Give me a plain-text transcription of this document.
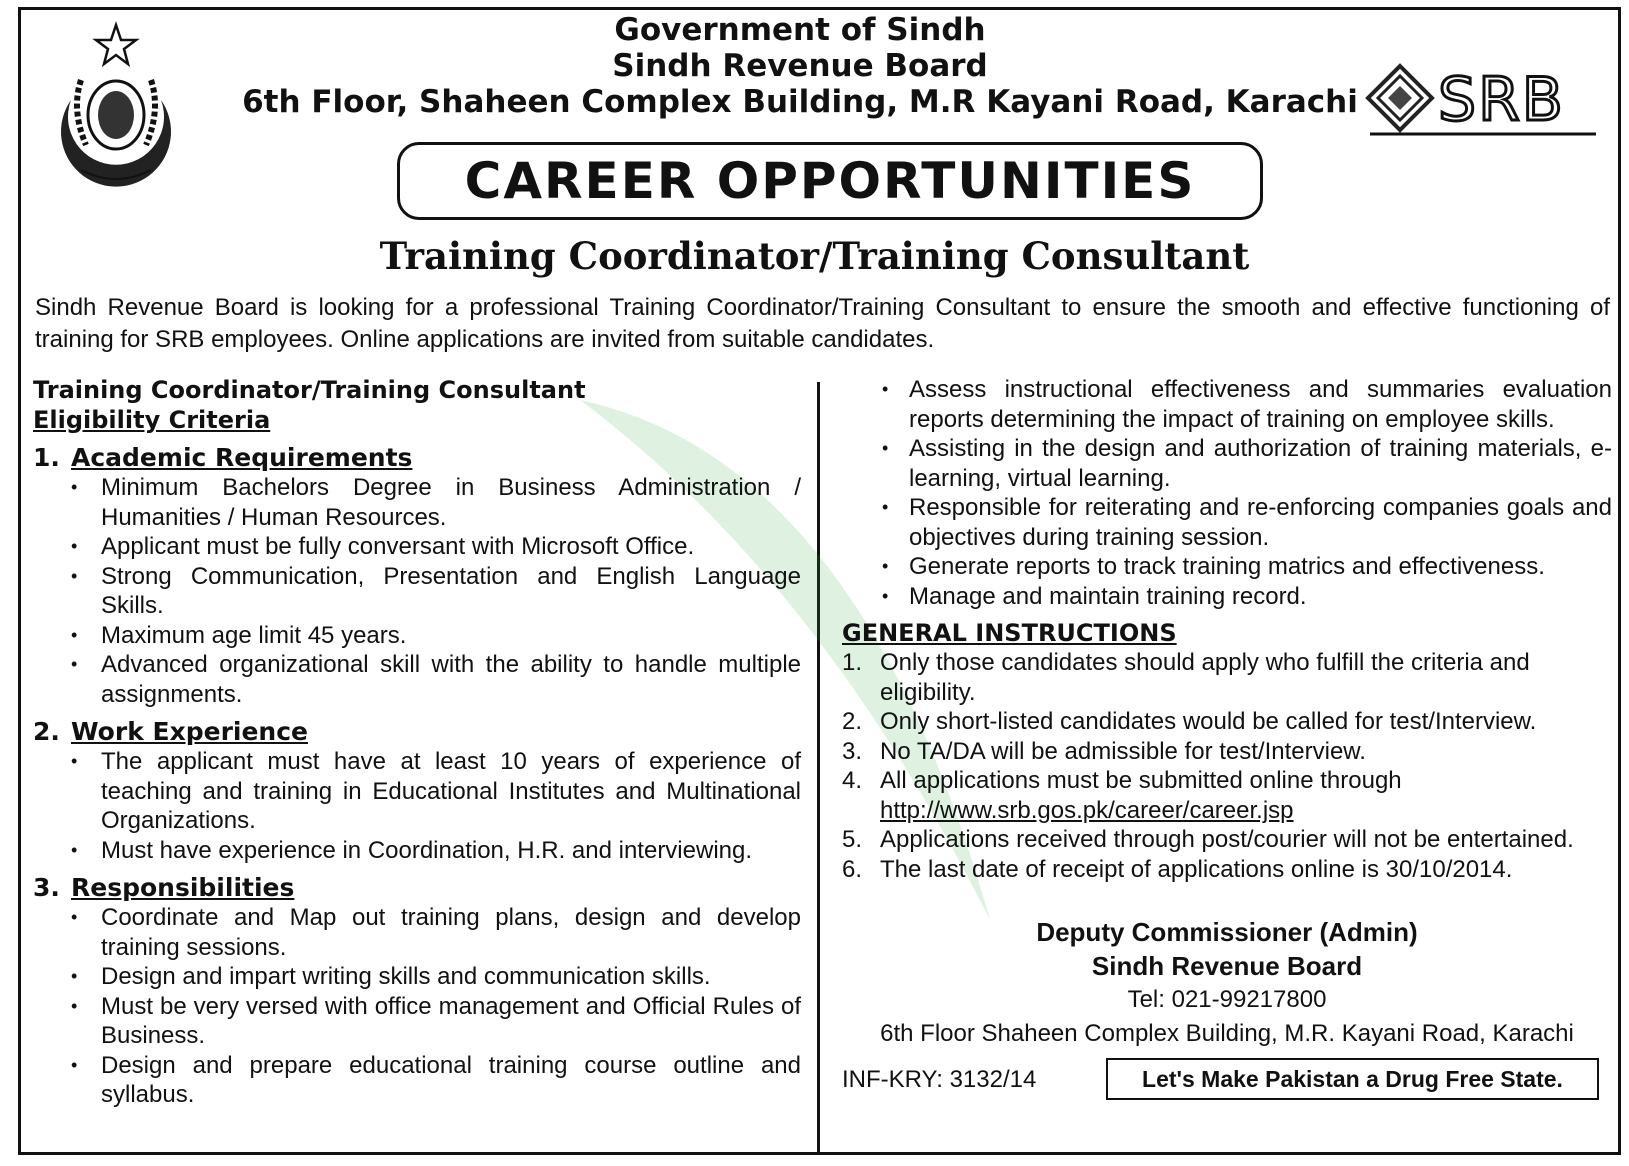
SRB
Government of Sindh
Sindh Revenue Board
6th Floor, Shaheen Complex Building, M.R Kayani Road, Karachi
CAREER OPPORTUNITIES
Training Coordinator/Training Consultant
Sindh Revenue Board is looking for a professional Training Coordinator/Training Consultant to ensure the smooth and effective functioning of training for SRB employees. Online applications are invited from suitable candidates.
Training Coordinator/Training Consultant
Eligibility Criteria
1. Academic Requirements
• Minimum Bachelors Degree in Business Administration / Humanities / Human Resources.
• Applicant must be fully conversant with Microsoft Office.
• Strong Communication, Presentation and English Language Skills.
• Maximum age limit 45 years.
• Advanced organizational skill with the ability to handle multiple assignments.
2. Work Experience
• The applicant must have at least 10 years of experience of teaching and training in Educational Institutes and Multinational Organizations.
• Must have experience in Coordination, H.R. and interviewing.
3. Responsibilities
• Coordinate and Map out training plans, design and develop training sessions.
• Design and impart writing skills and communication skills.
• Must be very versed with office management and Official Rules of Business.
• Design and prepare educational training course outline and syllabus.
• Assess instructional effectiveness and summaries evaluation reports determining the impact of training on employee skills.
• Assisting in the design and authorization of training materials, e-learning, virtual learning.
• Responsible for reiterating and re-enforcing companies goals and objectives during training session.
• Generate reports to track training matrics and effectiveness.
• Manage and maintain training record.
GENERAL INSTRUCTIONS
1. Only those candidates should apply who fulfill the criteria and eligibility.
2. Only short-listed candidates would be called for test/Interview.
3. No TA/DA will be admissible for test/Interview.
4. All applications must be submitted online through
http://www.srb.gos.pk/career/career.jsp
5. Applications received through post/courier will not be entertained.
6. The last date of receipt of applications online is 30/10/2014.
Deputy Commissioner (Admin)
Sindh Revenue Board
Tel: 021-99217800
6th Floor Shaheen Complex Building, M.R. Kayani Road, Karachi
INF-KRY: 3132/14	Let's Make Pakistan a Drug Free State.
